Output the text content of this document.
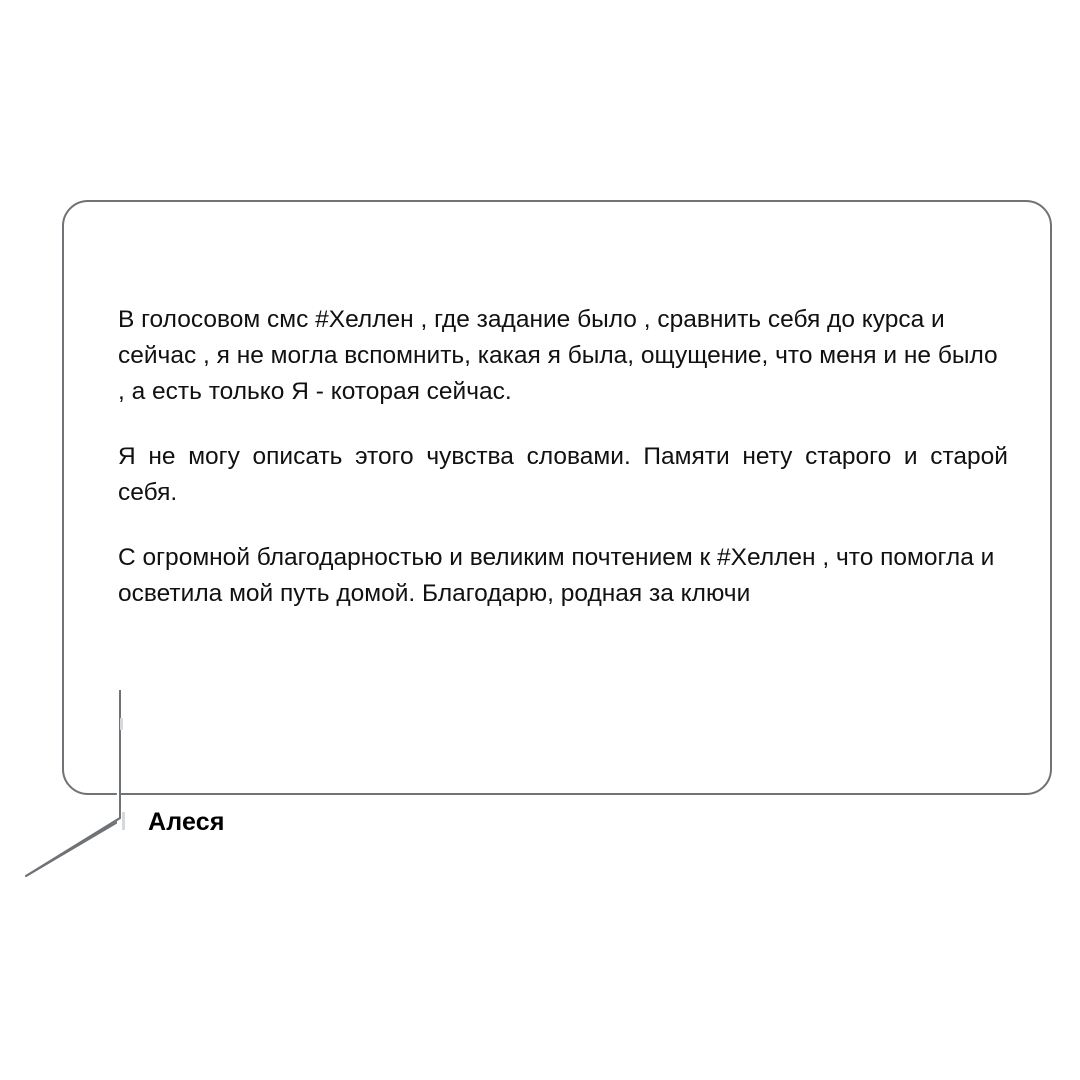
В голосовом смс #Хеллен , где задание было , сравнить себя до курса и сейчас , я не могла вспомнить, какая я была, ощущение, что меня и не было , а есть только Я - которая сейчас.

Я не могу описать этого чувства словами. Памяти нету старого и старой себя.

С огромной благодарностью и великим почтением к #Хеллен , что помогла и осветила мой путь домой. Благодарю, родная за ключи

Алеся
